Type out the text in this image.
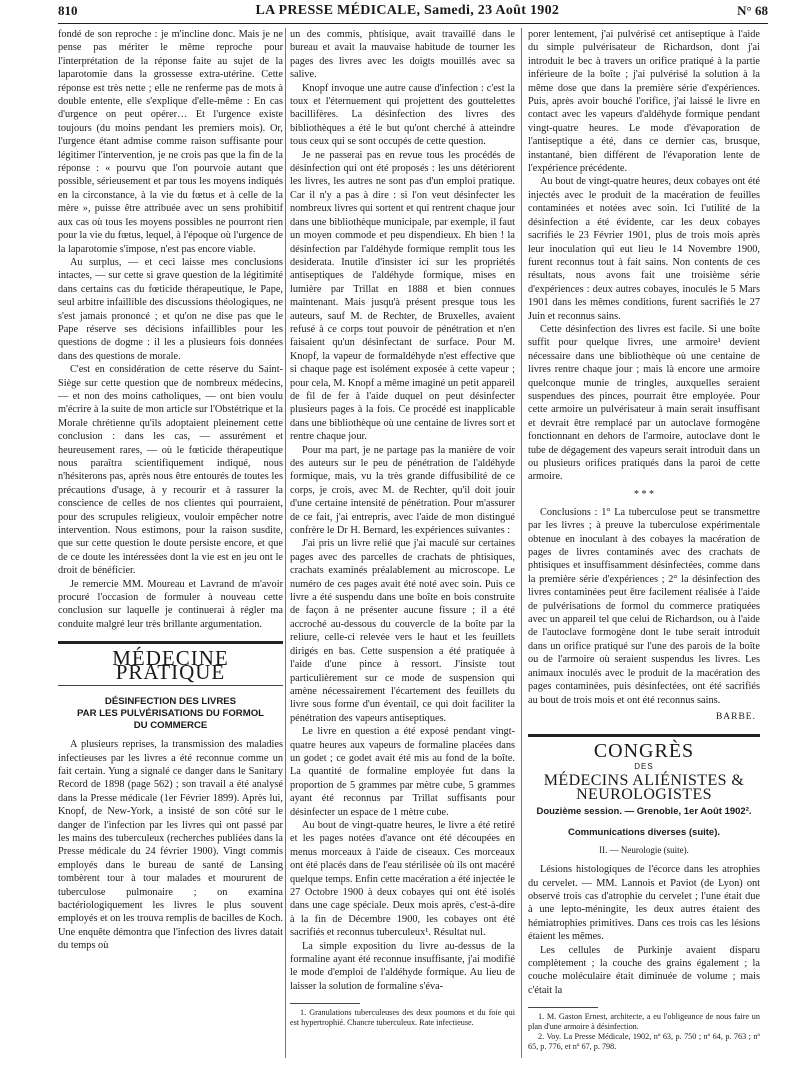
810	LA PRESSE MÉDICALE, Samedi, 23 Août 1902	N° 68

fondé de son reproche : je m'incline donc. Mais je ne pense pas mériter le même reproche pour l'interprétation de la réponse faite au sujet de la laparotomie dans la grossesse extra-utérine. Cette réponse est très nette ; elle ne renferme pas de mots à double entente, elle s'explique d'elle-même : En cas d'urgence on peut opérer… Et l'urgence existe toujours (du moins pendant les premiers mois). Or, l'urgence étant admise comme raison suffisante pour légitimer l'intervention, je ne crois pas que la fin de la réponse : « pourvu que l'on pourvoie autant que possible, sérieusement et par tous les moyens indiqués en la circonstance, à la vie du fœtus et à celle de la mère », puisse être attribuée avec un sens prohibitif aux cas où tous les moyens possibles ne pourront rien pour la vie du fœtus, lequel, à l'époque où l'urgence de la laparotomie s'impose, n'est pas encore viable.

Au surplus, — et ceci laisse mes conclusions intactes, — sur cette si grave question de la légitimité dans certains cas du fœticide thérapeutique, le Pape, seul arbitre infaillible des discussions théologiques, ne s'est jamais prononcé ; et qu'on ne dise pas que le Pape réserve ses décisions infaillibles pour les questions de dogme : il les a plusieurs fois données dans des questions de morale.

C'est en considération de cette réserve du Saint-Siège sur cette question que de nombreux médecins, — et non des moins catholiques, — ont bien voulu m'écrire à la suite de mon article sur l'Obstétrique et la Morale chrétienne qu'ils adoptaient pleinement cette conclusion : dans les cas, — assurément et heureusement rares, — où le fœticide thérapeutique nous paraîtra scientifiquement indiqué, nous n'hésiterons pas, après nous être entourés de toutes les précautions d'usage, à y recourir et à rassurer la conscience de celles de nos clientes qui pourraient, pour des scrupules religieux, vouloir empêcher notre intervention. Nous estimons, pour la raison susdite, que sur cette question le doute persiste encore, et que de ce doute les intéressées dont la vie est en jeu ont le droit de bénéficier.

Je remercie MM. Moureau et Lavrand de m'avoir procuré l'occasion de formuler à nouveau cette conclusion sur laquelle je continuerai à régler ma conduite malgré leur très brillante argumentation.

MÉDECINE PRATIQUE
DÉSINFECTION DES LIVRES
PAR LES PULVÉRISATIONS DU FORMOL
DU COMMERCE

A plusieurs reprises, la transmission des maladies infectieuses par les livres a été reconnue comme un fait certain. Yung a signalé ce danger dans le Sanitary Record de 1898 (page 562) ; son travail a été analysé dans la Presse médicale (1er Février 1899). Après lui, Knopf, de New-York, a insisté de son côté sur le danger de l'infection par les livres qui ont passé par les mains des tuberculeux (recherches publiées dans la Presse médicale du 24 février 1900). Vingt commis employés dans le bureau de santé de Lansing tombèrent tour à tour malades et moururent de tuberculose pulmonaire ; on examina bactériologiquement les livres le plus souvent employés et on les trouva remplis de bacilles de Koch. Une enquête démontra que l'infection des livres datait du temps où

un des commis, phtisique, avait travaillé dans le bureau et avait la mauvaise habitude de tourner les pages des livres avec les doigts mouillés avec sa salive.

Knopf invoque une autre cause d'infection : c'est la toux et l'éternuement qui projettent des gouttelettes bacillifères. La désinfection des livres des bibliothèques a été le but qu'ont cherché à atteindre tous ceux qui se sont occupés de cette question.

Je ne passerai pas en revue tous les procédés de désinfection qui ont été proposés : les uns détériorent les livres, les autres ne sont pas d'un emploi pratique. Car il n'y a pas à dire : si l'on veut désinfecter les nombreux livres qui sortent et qui rentrent chaque jour dans une bibliothèque municipale, par exemple, il faut un moyen commode et peu dispendieux. Eh bien ! la désinfection par l'aldéhyde formique remplit tous les desiderata. Inutile d'insister ici sur les propriétés antiseptiques de l'aldéhyde formique, mises en lumière par Trillat en 1888 et bien connues maintenant. Mais jusqu'à présent presque tous les auteurs, sauf M. de Rechter, de Bruxelles, avaient refusé à ce corps tout pouvoir de pénétration et n'en faisaient qu'un désinfectant de surface. Pour M. Knopf, la vapeur de formaldéhyde n'est effective que si chaque page est isolément exposée à cette vapeur ; pour cela, M. Knopf a même imaginé un petit appareil de fil de fer à l'aide duquel on peut désinfecter plusieurs pages à la fois. Ce procédé est inapplicable dans une bibliothèque où une centaine de livres sort et rentre chaque jour.

Pour ma part, je ne partage pas la manière de voir des auteurs sur le peu de pénétration de l'aldéhyde formique, mais, vu la très grande diffusibilité de ce corps, je crois, avec M. de Rechter, qu'il doit jouir d'une certaine intensité de pénétration. Pour m'assurer de ce fait, j'ai entrepris, avec l'aide de mon distingué confrère le Dr H. Bernard, les expériences suivantes :

J'ai pris un livre relié que j'ai maculé sur certaines pages avec des parcelles de crachats de phtisiques, crachats examinés préalablement au microscope. Le numéro de ces pages avait été noté avec soin. Puis ce livre a été suspendu dans une boîte en bois construite de façon à ne présenter aucune fissure ; il a été accroché au-dessous du couvercle de la boîte par la reliure, celle-ci relevée vers le haut et les feuillets dirigés en bas. Cette suspension a été pratiquée à l'aide d'une pince à ressort. J'insiste tout particulièrement sur ce mode de suspension qui amène nécessairement l'écartement des feuillets du livre sous forme d'un éventail, ce qui doit faciliter la pénétration des vapeurs antiseptiques.

Le livre en question a été exposé pendant vingt-quatre heures aux vapeurs de formaline placées dans un godet ; ce godet avait été mis au fond de la boîte. La quantité de formaline employée fut dans la proportion de 5 grammes par mètre cube, 5 grammes ayant été reconnus par Trillat suffisants pour désinfecter un espace de 1 mètre cube.

Au bout de vingt-quatre heures, le livre a été retiré et les pages notées d'avance ont été découpées en menus morceaux à l'aide de ciseaux. Ces morceaux ont été placés dans de l'eau stérilisée où ils ont macéré quelque temps. Enfin cette macération a été injectée le 27 Octobre 1900 à deux cobayes qui ont été isolés dans une cage spéciale. Deux mois après, c'est-à-dire à la fin de Décembre 1900, les cobayes ont été sacrifiés et reconnus tuberculeux¹. Résultat nul.

La simple exposition du livre au-dessus de la formaline ayant été reconnue insuffisante, j'ai modifié le mode d'emploi de l'aldéhyde formique. Au lieu de laisser la solution de formaline s'éva-

1. Granulations tuberculeuses des deux poumons et du foie qui est hypertrophié. Chancre tuberculeux. Rate infectieuse.

porer lentement, j'ai pulvérisé cet antiseptique à l'aide du simple pulvérisateur de Richardson, dont j'ai introduit le bec à travers un orifice pratiqué à la partie inférieure de la boîte ; j'ai pulvérisé la solution à la même dose que dans la première série d'expériences. Puis, après avoir bouché l'orifice, j'ai laissé le livre en contact avec les vapeurs d'aldéhyde formique pendant vingt-quatre heures. Le mode d'évaporation de l'antiseptique a été, dans ce dernier cas, brusque, instantané, bien différent de l'évaporation lente de l'expérience précédente.

Au bout de vingt-quatre heures, deux cobayes ont été injectés avec le produit de la macération de feuilles contaminées et notées avec soin. Ici l'utilité de la désinfection a été évidente, car les deux cobayes sacrifiés le 23 Février 1901, plus de trois mois après leur inoculation qui eut lieu le 14 Novembre 1900, furent reconnus tout à fait sains. Non contents de ces résultats, nous avons fait une troisième série d'expériences : deux autres cobayes, inoculés le 5 Mars 1901 dans les mêmes conditions, furent sacrifiés le 27 Juin et reconnus sains.

Cette désinfection des livres est facile. Si une boîte suffit pour quelque livres, une armoire¹ devient nécessaire dans une bibliothèque où une centaine de livres rentre chaque jour ; mais là encore une armoire quelconque munie de tringles, auxquelles seraient suspendues des pinces, pourrait être employée. Pour cette armoire un pulvérisateur à main serait insuffisant et devrait être remplacé par un autoclave formogène fonctionnant en dehors de l'armoire, autoclave dont le tube de dégagement des vapeurs serait introduit dans un ou plusieurs orifices pratiqués dans la paroi de cette armoire.

* * *

Conclusions : 1° La tuberculose peut se transmettre par les livres ; à preuve la tuberculose expérimentale obtenue en inoculant à des cobayes la macération de pages de livres contaminés avec des crachats de phtisiques et insuffisamment désinfectées, comme dans la première série d'expériences ; 2° la désinfection des livres contaminées peut être facilement réalisée à l'aide de pulvérisations de formol du commerce pratiquées avec un appareil tel que celui de Richardson, ou à l'aide de l'autoclave formogène dont le tube serait introduit dans un orifice pratiqué sur l'une des parois de la boîte ou de l'armoire où seraient suspendus les livres. Les animaux inoculés avec le produit de la macération des pages contaminées, puis désinfectées, ont été sacrifiés au bout de trois mois et ont été reconnus sains.

BARBE.
CONGRÈS
DES
MÉDECINS ALIÉNISTES & NEUROLOGISTES
Douzième session. — Grenoble, 1er Août 1902².
Communications diverses (suite).
II. — Neurologie (suite).

Lésions histologiques de l'écorce dans les atrophies du cervelet. — MM. Lannois et Paviot (de Lyon) ont observé trois cas d'atrophie du cervelet ; l'une était due à une lepto-méningite, les deux autres étaient des hémiatrophies primitives. Dans ces trois cas les lésions étaient les mêmes.

Les cellules de Purkinje avaient disparu complètement ; la couche des grains également ; la couche moléculaire était diminuée de volume ; mais c'était la

1. M. Gaston Ernest, architecte, a eu l'obligeance de nous faire un plan d'une armoire à désinfection.

2. Voy. La Presse Médicale, 1902, nº 63, p. 750 ; nº 64, p. 763 ; nº 65, p. 776, et nº 67, p. 798.
